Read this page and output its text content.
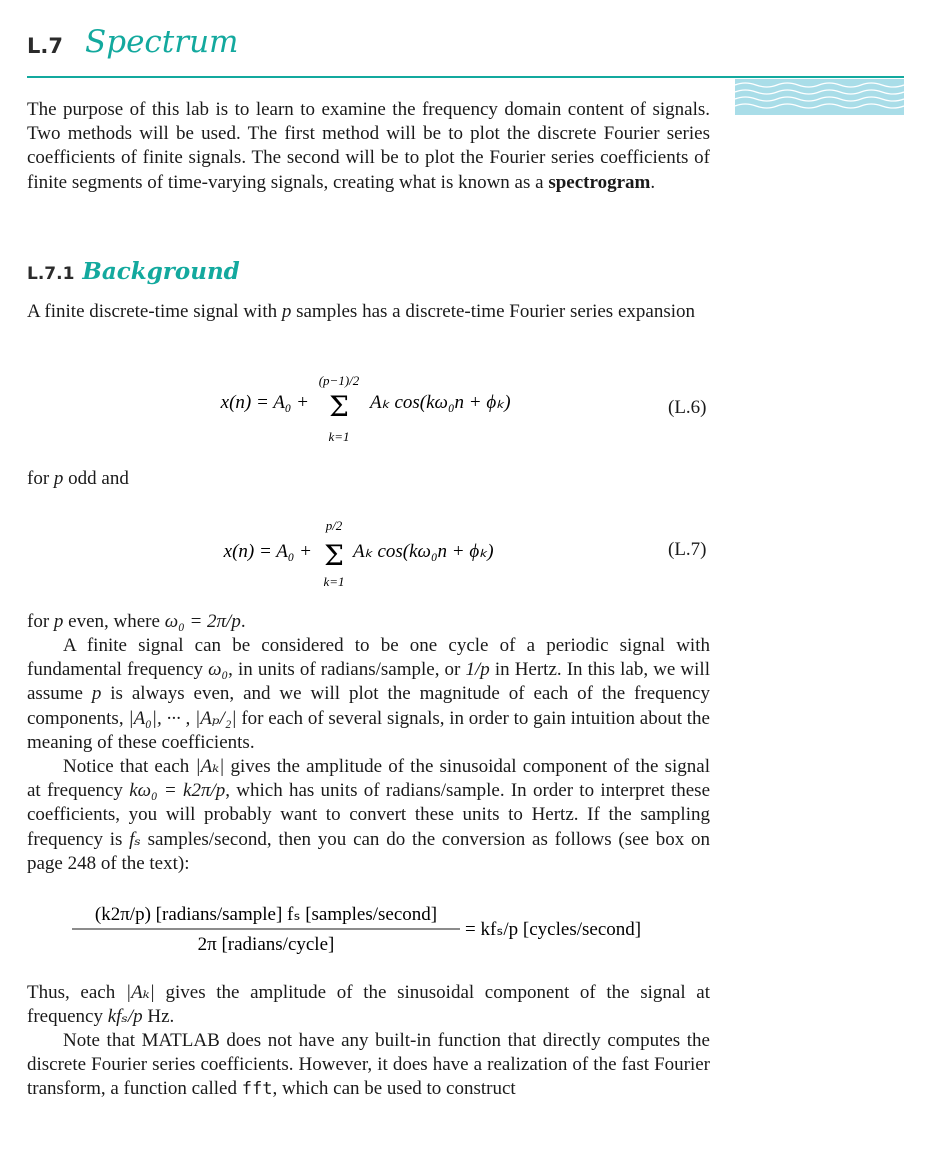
L.7 Spectrum

The purpose of this lab is to learn to examine the frequency domain content of signals. Two methods will be used. The first method will be to plot the discrete Fourier series coefficients of finite signals. The second will be to plot the Fourier series coefficients of finite segments of time-varying signals, creating what is known as a spectrogram.

L.7.1 Background

A finite discrete-time signal with p samples has a discrete-time Fourier series expansion

x(n) = A₀ +
(p−1)/2
Σ
k=1
Aₖ cos(kω₀n + ϕₖ)	(L.6)

for p odd and

x(n) = A₀ +
p/2
Σ
k=1
Aₖ cos(kω₀n + ϕₖ)	(L.7)

for p even, where ω₀ = 2π/p.

A finite signal can be considered to be one cycle of a periodic signal with fundamental frequency ω₀, in units of radians/sample, or 1/p in Hertz. In this lab, we will assume p is always even, and we will plot the magnitude of each of the frequency components, |A₀|, ··· , |Aₚ/₂| for each of several signals, in order to gain intuition about the meaning of these coefficients.

Notice that each |Aₖ| gives the amplitude of the sinusoidal component of the signal at frequency kω₀ = k2π/p, which has units of radians/sample. In order to interpret these coefficients, you will probably want to convert these units to Hertz. If the sampling frequency is fₛ samples/second, then you can do the conversion as follows (see box on page 248 of the text):

(k2π/p) [radians/sample] fₛ [samples/second]
2π [radians/cycle]
= kfₛ/p [cycles/second]

Thus, each |Aₖ| gives the amplitude of the sinusoidal component of the signal at frequency kfₛ/p Hz.

Note that MATLAB does not have any built-in function that directly computes the discrete Fourier series coefficients. However, it does have a realization of the fast Fourier transform, a function called fft, which can be used to construct
